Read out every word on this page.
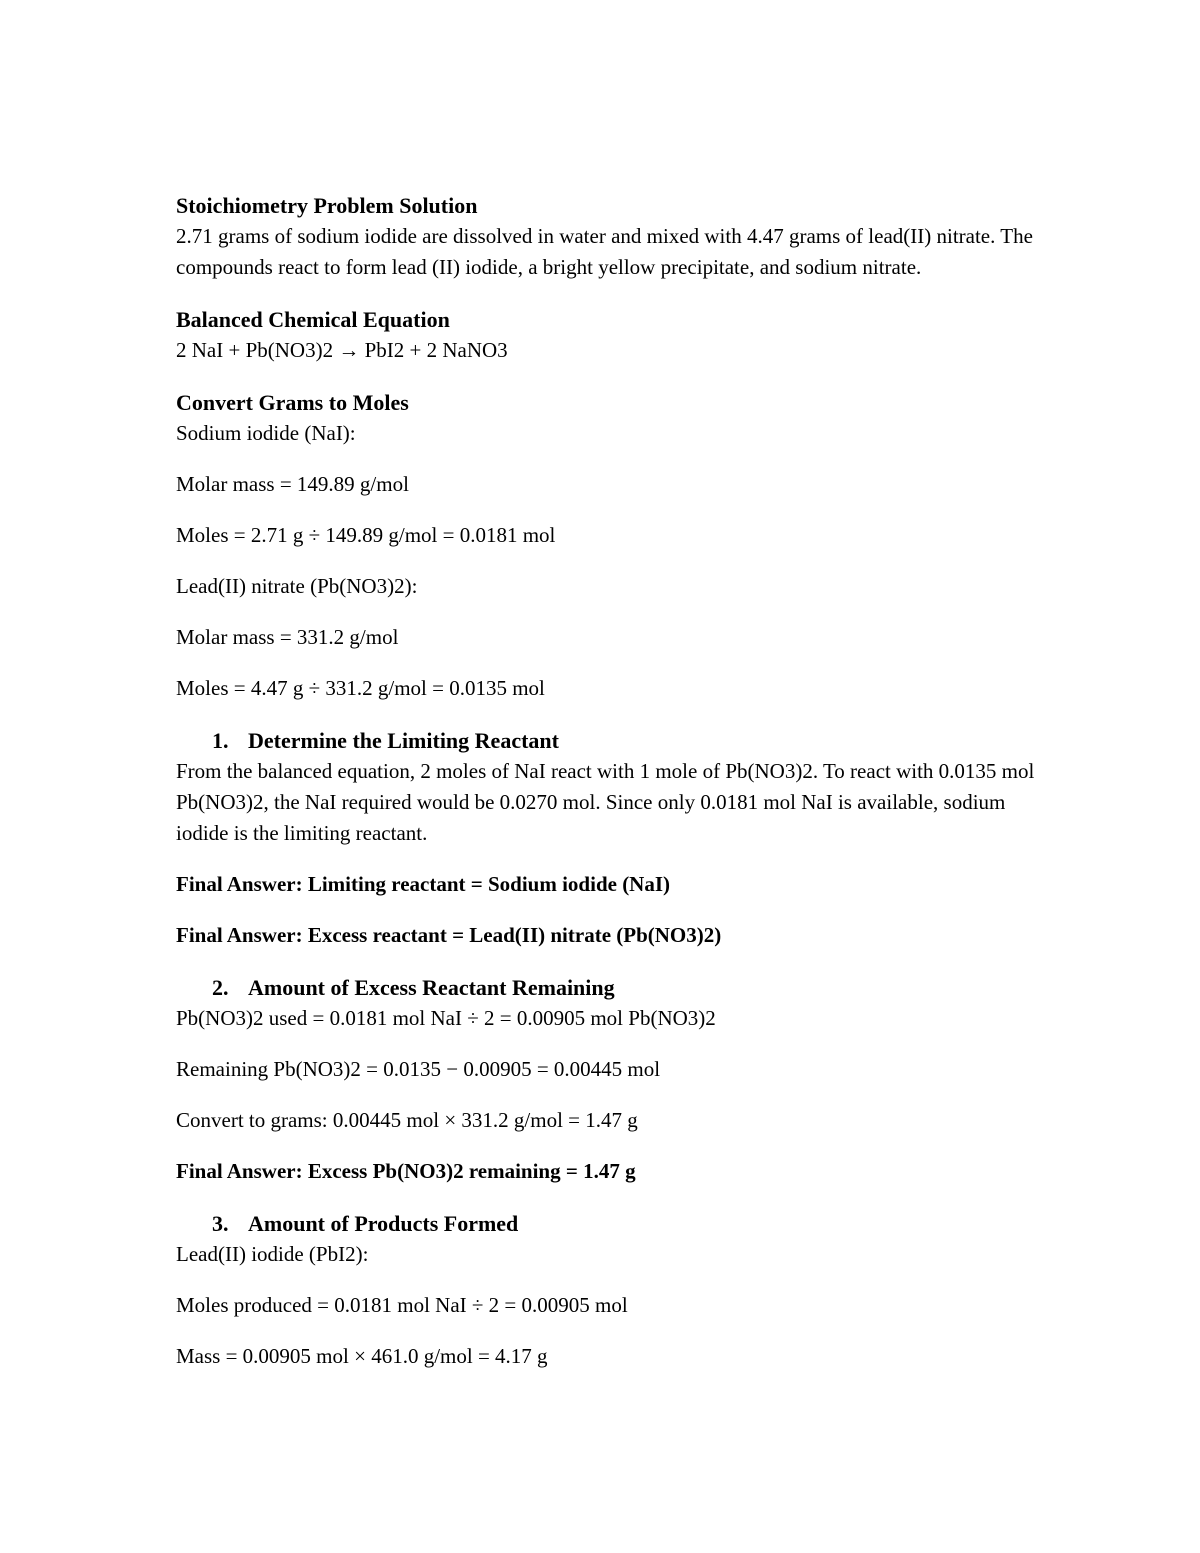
Stoichiometry Problem Solution
2.71 grams of sodium iodide are dissolved in water and mixed with 4.47 grams of lead(II) nitrate. The compounds react to form lead (II) iodide, a bright yellow precipitate, and sodium nitrate.
Balanced Chemical Equation
2 NaI + Pb(NO3)2 → PbI2 + 2 NaNO3
Convert Grams to Moles
Sodium iodide (NaI):
Molar mass = 149.89 g/mol
Moles = 2.71 g ÷ 149.89 g/mol = 0.0181 mol
Lead(II) nitrate (Pb(NO3)2):
Molar mass = 331.2 g/mol
Moles = 4.47 g ÷ 331.2 g/mol = 0.0135 mol
1. Determine the Limiting Reactant
From the balanced equation, 2 moles of NaI react with 1 mole of Pb(NO3)2. To react with 0.0135 mol Pb(NO3)2, the NaI required would be 0.0270 mol. Since only 0.0181 mol NaI is available, sodium iodide is the limiting reactant.
Final Answer: Limiting reactant = Sodium iodide (NaI)
Final Answer: Excess reactant = Lead(II) nitrate (Pb(NO3)2)
2. Amount of Excess Reactant Remaining
Pb(NO3)2 used = 0.0181 mol NaI ÷ 2 = 0.00905 mol Pb(NO3)2
Remaining Pb(NO3)2 = 0.0135 − 0.00905 = 0.00445 mol
Convert to grams: 0.00445 mol × 331.2 g/mol = 1.47 g
Final Answer: Excess Pb(NO3)2 remaining = 1.47 g
3. Amount of Products Formed
Lead(II) iodide (PbI2):
Moles produced = 0.0181 mol NaI ÷ 2 = 0.00905 mol
Mass = 0.00905 mol × 461.0 g/mol = 4.17 g
